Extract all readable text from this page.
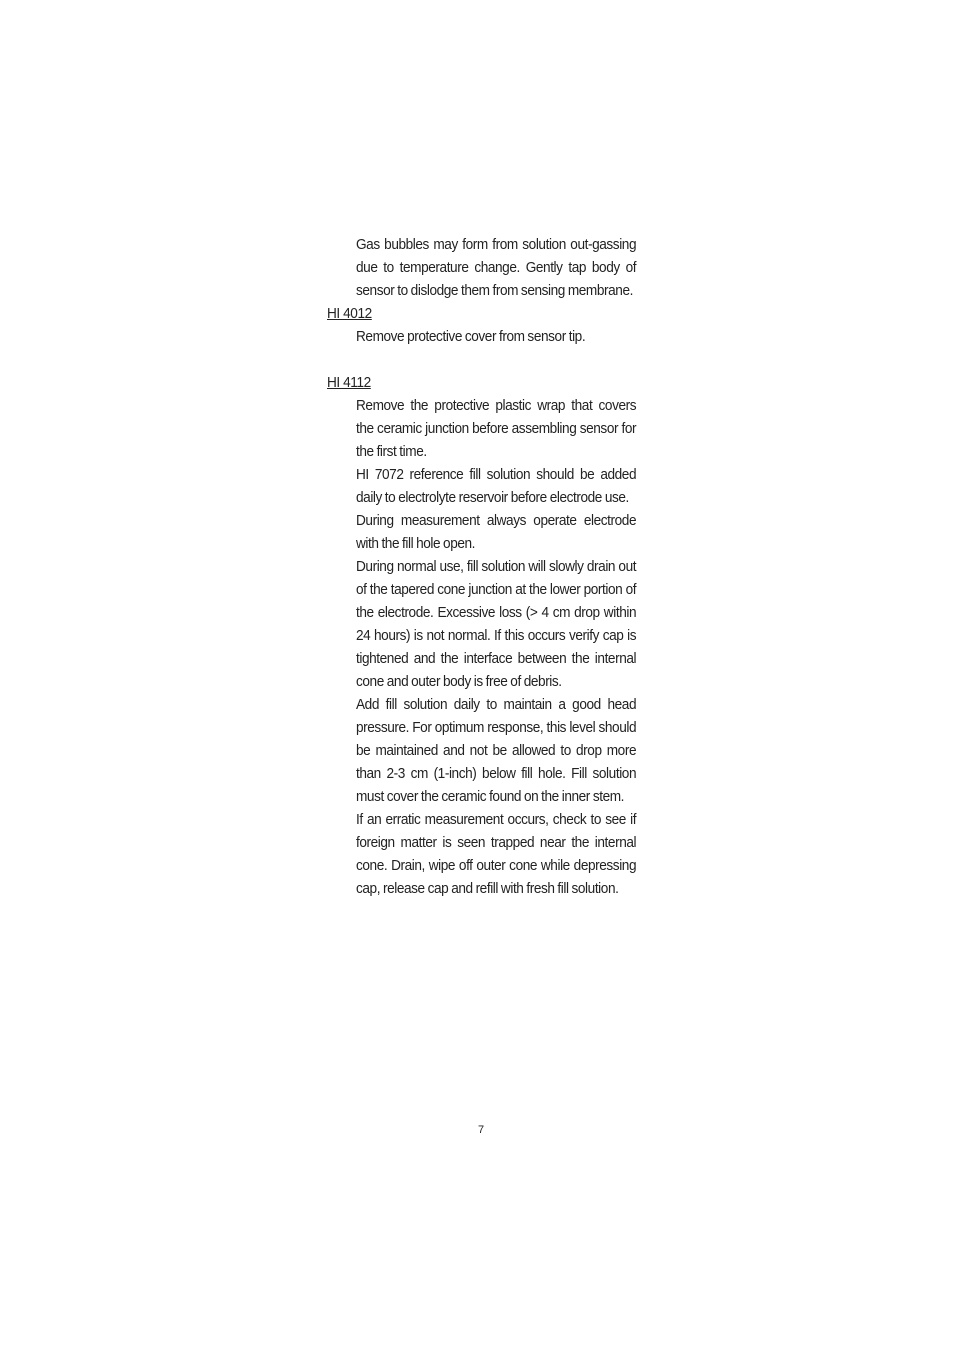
Gas bubbles may form from solution out-gassing due to temperature change. Gently tap body of sensor to dislodge them from sensing membrane.

HI 4012

Remove protective cover from sensor tip.

HI 4112

Remove the protective plastic wrap that covers the ceramic junction before assembling sensor for the first time.

HI 7072 reference fill solution should be added daily to electrolyte reservoir before electrode use.

During measurement always operate electrode with the fill hole open.

During normal use, fill solution will slowly drain out of the tapered cone junction at the lower portion of the electrode. Excessive loss (> 4 cm drop within 24 hours) is not normal. If this occurs verify cap is tightened and the interface between the internal cone and outer body is free of debris.

Add fill solution daily to maintain a good head pressure. For optimum response, this level should be maintained and not be allowed to drop more than 2-3 cm (1-inch) below fill hole. Fill solution must cover the ceramic found on the inner stem.

If an erratic measurement occurs, check to see if foreign matter is seen trapped near the internal cone. Drain, wipe off outer cone while depressing cap, release cap and refill with fresh fill solution.

7
